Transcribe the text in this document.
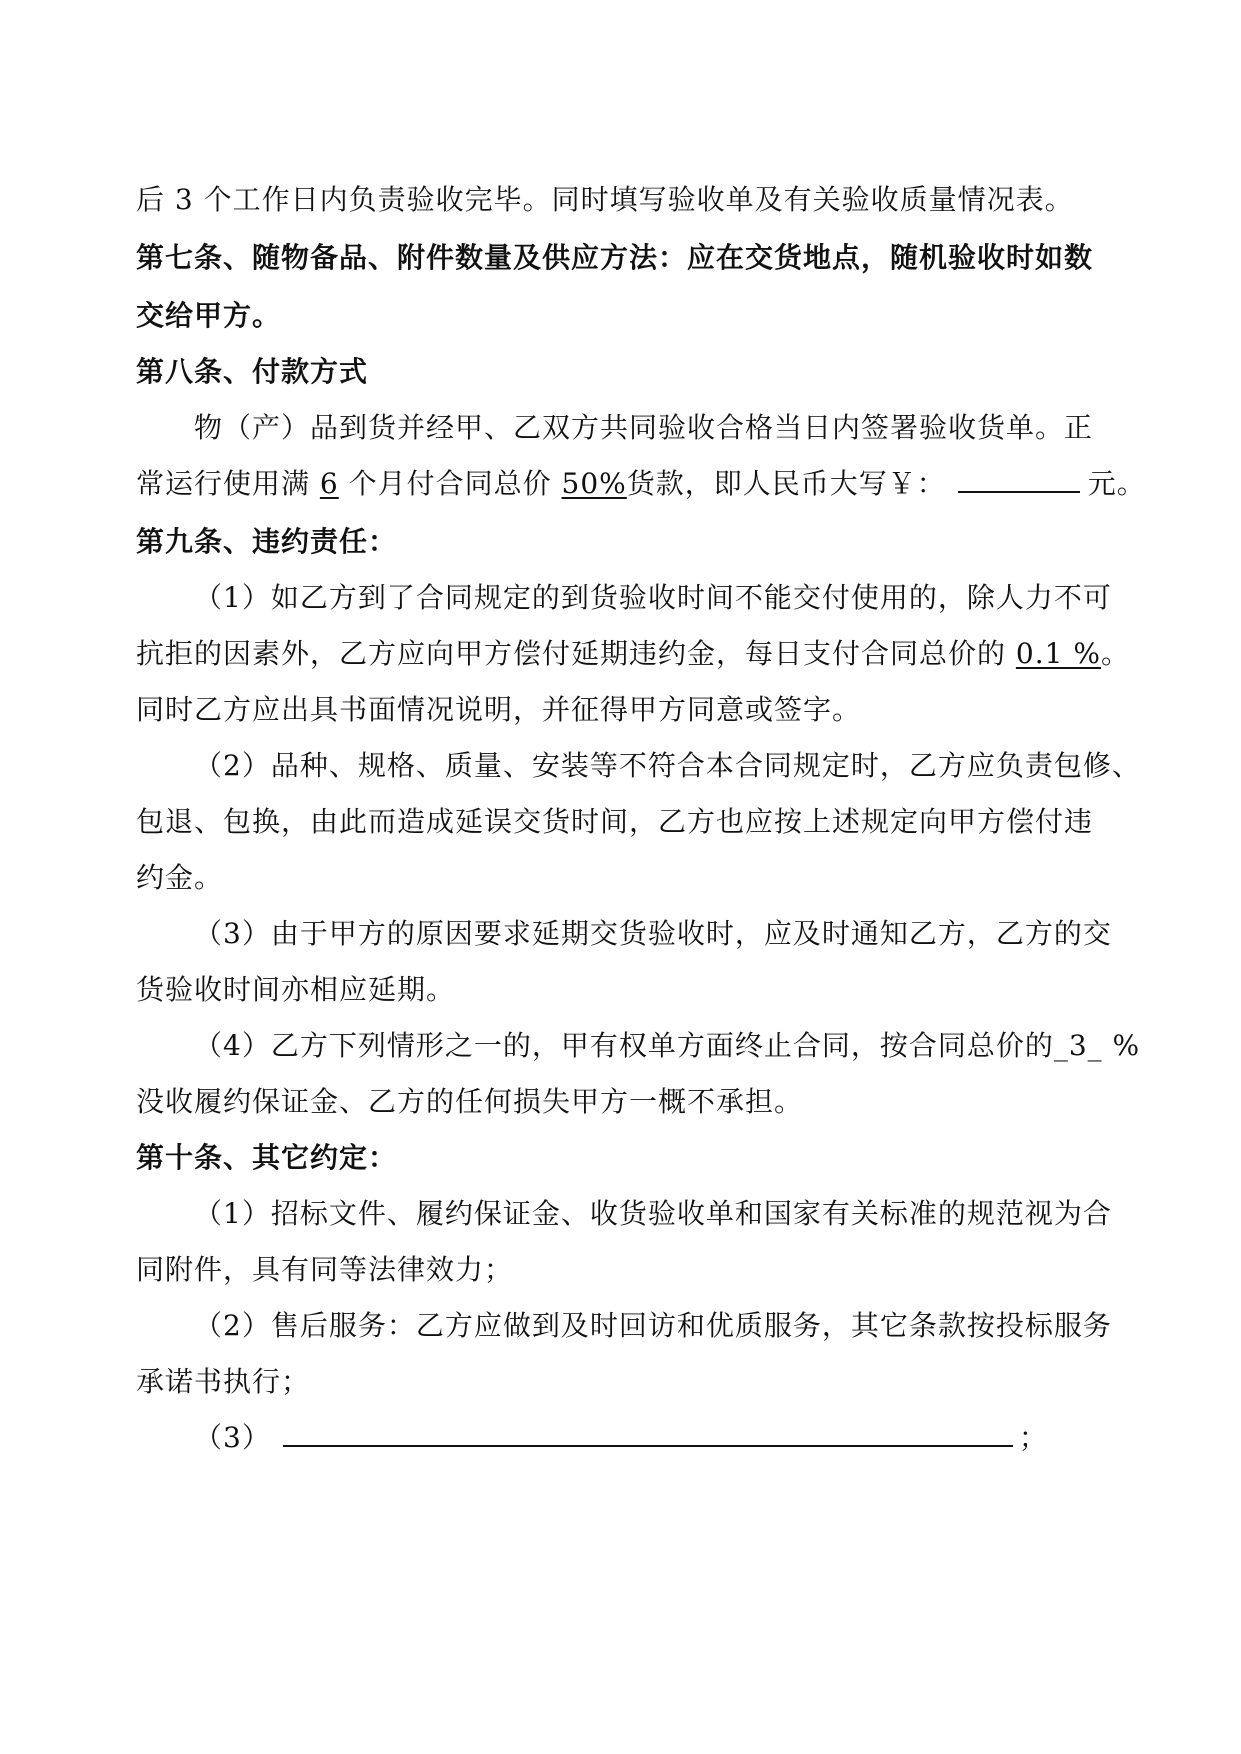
后 3 个工作日内负责验收完毕。同时填写验收单及有关验收质量情况表。
第七条、随物备品、附件数量及供应方法：应在交货地点，随机验收时如数
交给甲方。
第八条、付款方式
物（产）品到货并经甲、乙双方共同验收合格当日内签署验收货单。正
常运行使用满 6 个月付合同总价 50%货款，即人民币大写￥：	元。
第九条、违约责任：
（1）如乙方到了合同规定的到货验收时间不能交付使用的，除人力不可
抗拒的因素外，乙方应向甲方偿付延期违约金，每日支付合同总价的 0.1 %。
同时乙方应出具书面情况说明，并征得甲方同意或签字。
（2）品种、规格、质量、安装等不符合本合同规定时，乙方应负责包修、
包退、包换，由此而造成延误交货时间，乙方也应按上述规定向甲方偿付违
约金。
（3）由于甲方的原因要求延期交货验收时，应及时通知乙方，乙方的交
货验收时间亦相应延期。
（4）乙方下列情形之一的，甲有权单方面终止合同，按合同总价的_3_ %
没收履约保证金、乙方的任何损失甲方一概不承担。
第十条、其它约定：
（1）招标文件、履约保证金、收货验收单和国家有关标准的规范视为合
同附件，具有同等法律效力；
（2）售后服务：乙方应做到及时回访和优质服务，其它条款按投标服务
承诺书执行；
（3）	；
